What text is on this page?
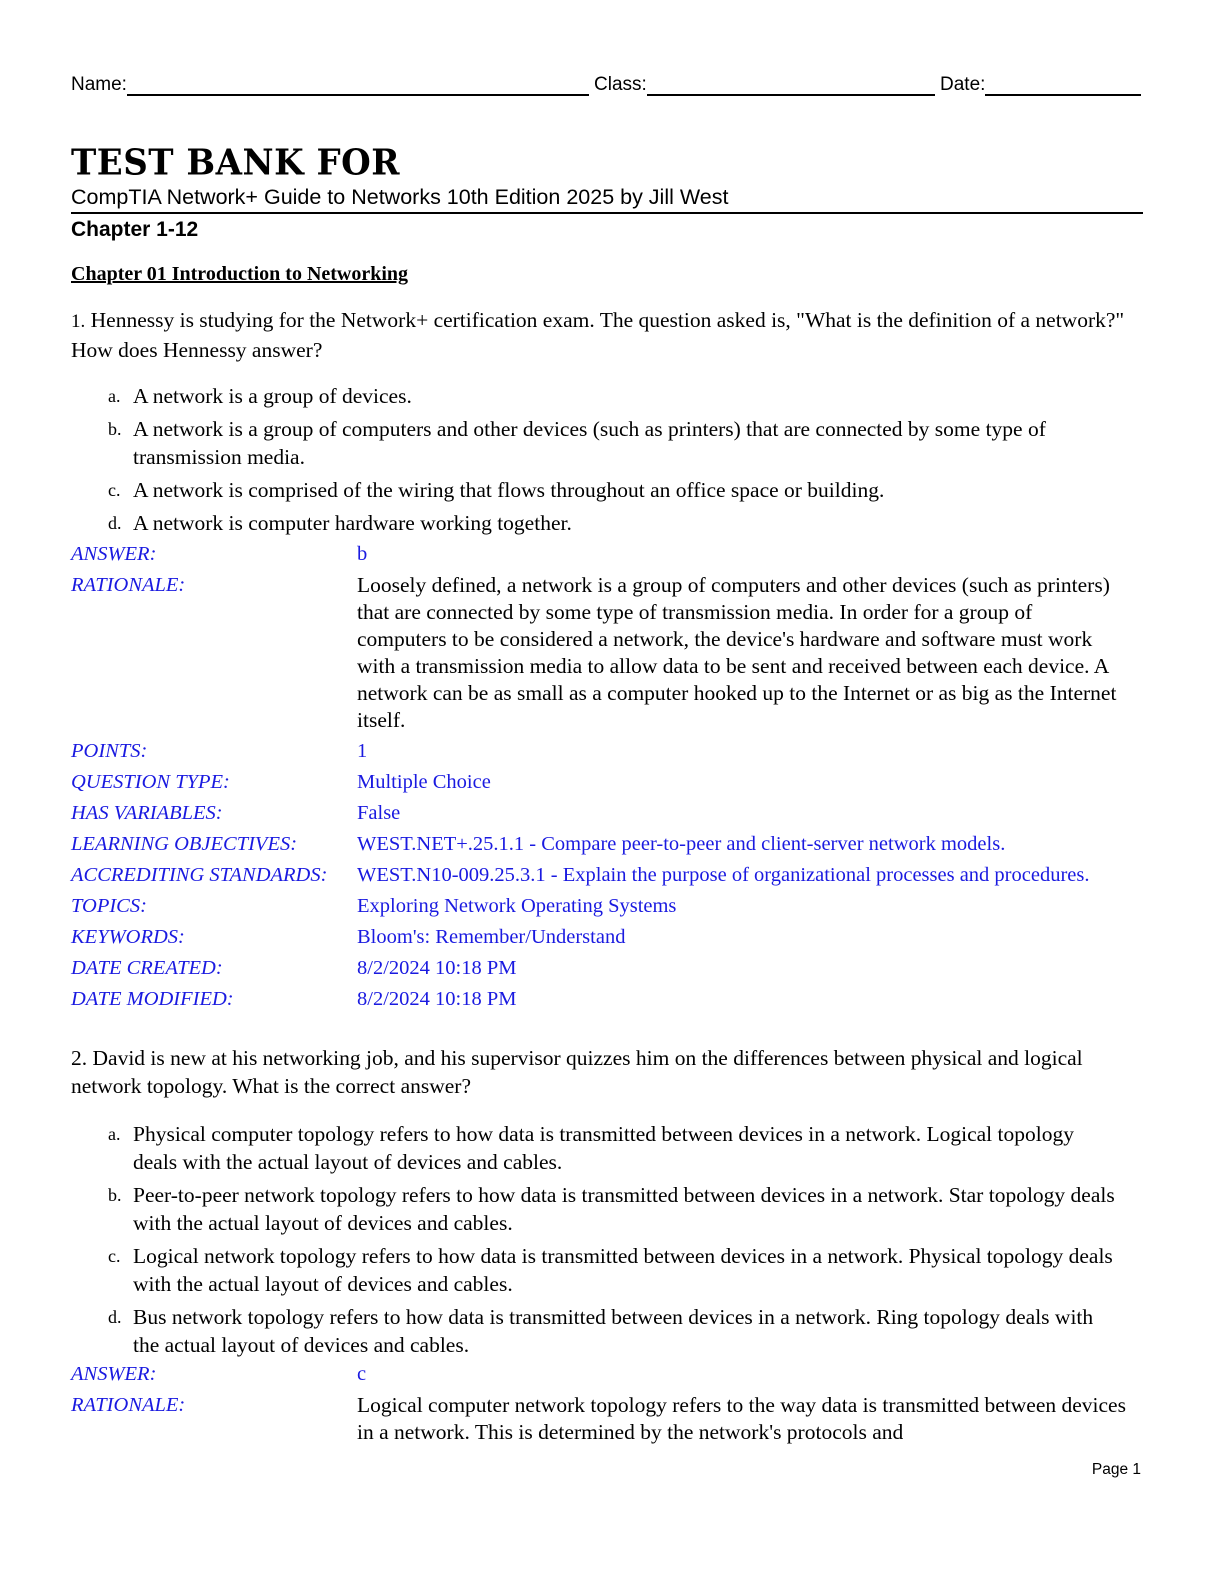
Name:	Class:	Date:
TEST BANK FOR
CompTIA Network+ Guide to Networks 10th Edition 2025 by Jill West
Chapter 1-12
Chapter 01 Introduction to Networking
1. Hennessy is studying for the Network+ certification exam. The question asked is, "What is the definition of a network?" How does Hennessy answer?
a. A network is a group of devices.
b. A network is a group of computers and other devices (such as printers) that are connected by some type of transmission media.
c. A network is comprised of the wiring that flows throughout an office space or building.
d. A network is computer hardware working together.
ANSWER:	b
RATIONALE:	Loosely defined, a network is a group of computers and other devices (such as printers) that are connected by some type of transmission media. In order for a group of computers to be considered a network, the device's hardware and software must work with a transmission media to allow data to be sent and received between each device. A network can be as small as a computer hooked up to the Internet or as big as the Internet itself.
POINTS:	1
QUESTION TYPE:	Multiple Choice
HAS VARIABLES:	False
LEARNING OBJECTIVES:	WEST.NET+.25.1.1 - Compare peer-to-peer and client-server network models.
ACCREDITING STANDARDS:	WEST.N10-009.25.3.1 - Explain the purpose of organizational processes and procedures.
TOPICS:	Exploring Network Operating Systems
KEYWORDS:	Bloom's: Remember/Understand
DATE CREATED:	8/2/2024 10:18 PM
DATE MODIFIED:	8/2/2024 10:18 PM
2. David is new at his networking job, and his supervisor quizzes him on the differences between physical and logical network topology. What is the correct answer?
a. Physical computer topology refers to how data is transmitted between devices in a network. Logical topology deals with the actual layout of devices and cables.
b. Peer-to-peer network topology refers to how data is transmitted between devices in a network. Star topology deals with the actual layout of devices and cables.
c. Logical network topology refers to how data is transmitted between devices in a network. Physical topology deals with the actual layout of devices and cables.
d. Bus network topology refers to how data is transmitted between devices in a network. Ring topology deals with the actual layout of devices and cables.
ANSWER:	c
RATIONALE:	Logical computer network topology refers to the way data is transmitted between devices in a network. This is determined by the network's protocols and
Page 1
